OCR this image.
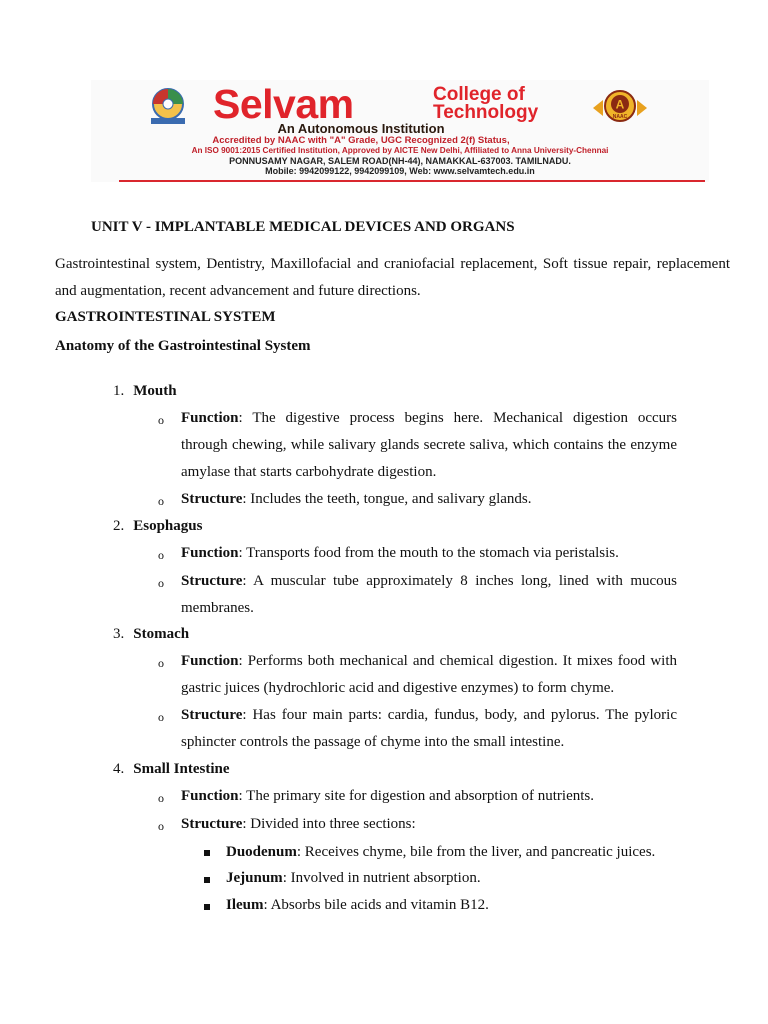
Selvam	College of
Technology	A
NAAC
An Autonomous Institution
Accredited by NAAC with "A" Grade, UGC Recognized 2(f) Status,
An ISO 9001:2015 Certified Institution, Approved by AICTE New Delhi, Affiliated to Anna University-Chennai
PONNUSAMY NAGAR, SALEM ROAD(NH-44), NAMAKKAL-637003. TAMILNADU.
Mobile: 9942099122, 9942099109, Web: www.selvamtech.edu.in
UNIT V - IMPLANTABLE MEDICAL DEVICES AND ORGANS
Gastrointestinal system, Dentistry, Maxillofacial and craniofacial replacement, Soft tissue repair, replacement and augmentation, recent advancement and future directions.
GASTROINTESTINAL SYSTEM
Anatomy of the Gastrointestinal System
1. Mouth
o Function: The digestive process begins here. Mechanical digestion occurs through chewing, while salivary glands secrete saliva, which contains the enzyme amylase that starts carbohydrate digestion.
o Structure: Includes the teeth, tongue, and salivary glands.
2. Esophagus
o Function: Transports food from the mouth to the stomach via peristalsis.
o Structure: A muscular tube approximately 8 inches long, lined with mucous membranes.
3. Stomach
o Function: Performs both mechanical and chemical digestion. It mixes food with gastric juices (hydrochloric acid and digestive enzymes) to form chyme.
o Structure: Has four main parts: cardia, fundus, body, and pylorus. The pyloric sphincter controls the passage of chyme into the small intestine.
4. Small Intestine
o Function: The primary site for digestion and absorption of nutrients.
o Structure: Divided into three sections:
Duodenum: Receives chyme, bile from the liver, and pancreatic juices.
Jejunum: Involved in nutrient absorption.
Ileum: Absorbs bile acids and vitamin B12.
